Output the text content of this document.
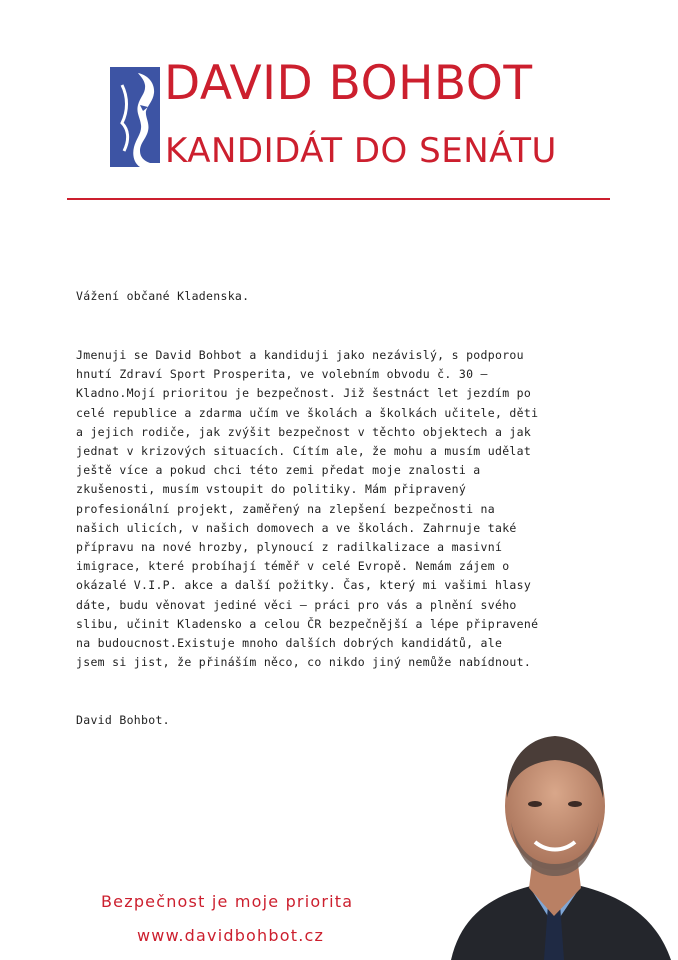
DAVID BOHBOT
KANDIDÁT DO SENÁTU
Vážení občané Kladenska.
Jmenuji se David Bohbot a kandiduji jako nezávislý, s podporou
hnutí Zdraví Sport Prosperita, ve volebním obvodu č. 30 –
Kladno.Mojí prioritou je bezpečnost. Již šestnáct let jezdím po
celé republice a zdarma učím ve školách a školkách učitele, děti
a jejich rodiče, jak zvýšit bezpečnost v těchto objektech a jak
jednat v krizových situacích. Cítím ale, že mohu a musím udělat
ještě více a pokud chci této zemi předat moje znalosti a
zkušenosti, musím vstoupit do politiky. Mám připravený
profesionální projekt, zaměřený na zlepšení bezpečnosti na
našich ulicích, v našich domovech a ve školách. Zahrnuje také
přípravu na nové hrozby, plynoucí z radilkalizace a masivní
imigrace, které probíhají téměř v celé Evropě. Nemám zájem o
okázalé V.I.P. akce a další požitky. Čas, který mi vašimi hlasy
dáte, budu věnovat jediné věci – práci pro vás a plnění svého
slibu, učinit Kladensko a celou ČR bezpečnější a lépe připravené
na budoucnost.Existuje mnoho dalších dobrých kandidátů, ale
jsem si jist, že přináším něco, co nikdo jiný nemůže nabídnout.
David Bohbot.
Bezpečnost je moje priorita
www.davidbohbot.cz
